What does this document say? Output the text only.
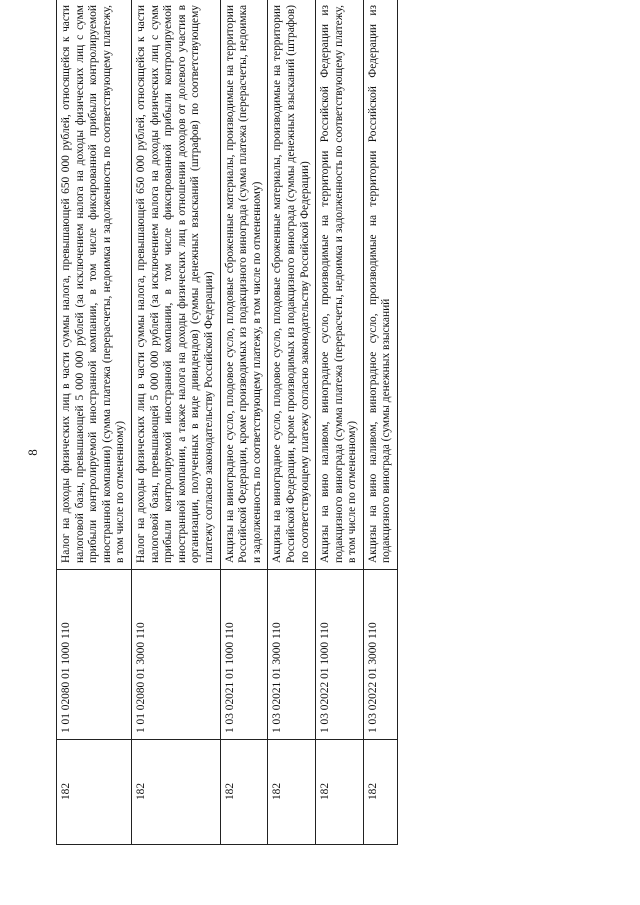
8
182	1 01 02080 01 1000 110	Налог на доходы физических лиц в части суммы налога, превышающей 650 000 рублей, относящейся к части налоговой базы, превышающей 5 000 000 рублей (за исключением налога на доходы физических лиц с сумм прибыли контролируемой иностранной компании, в том числе фиксированной прибыли контролируемой иностранной компании) (сумма платежа (перерасчеты, недоимка и задолженность по соответствующему платежу, в том числе по отмененному)
182	1 01 02080 01 3000 110	Налог на доходы физических лиц в части суммы налога, превышающей 650 000 рублей, относящейся к части налоговой базы, превышающей 5 000 000 рублей (за исключением налога на доходы физических лиц с сумм прибыли контролируемой иностранной компании, в том числе фиксированной прибыли контролируемой иностранной компании, а также налога на доходы физических лиц в отношении доходов от долевого участия в организации, полученных в виде дивидендов) (суммы денежных взысканий (штрафов) по соответствующему платежу согласно законодательству Российской Федерации)
182	1 03 02021 01 1000 110	Акцизы на виноградное сусло, плодовое сусло, плодовые сброженные материалы, производимые на территории Российской Федерации, кроме производимых из подакцизного винограда (сумма платежа (перерасчеты, недоимка и задолженность по соответствующему платежу, в том числе по отмененному)
182	1 03 02021 01 3000 110	Акцизы на виноградное сусло, плодовое сусло, плодовые сброженные материалы, производимые на территории Российской Федерации, кроме производимых из подакцизного винограда (суммы денежных взысканий (штрафов) по соответствующему платежу согласно законодательству Российской Федерации)
182	1 03 02022 01 1000 110	Акцизы на вино наливом, виноградное сусло, производимые на территории Российской Федерации из подакцизного винограда (сумма платежа (перерасчеты, недоимка и задолженность по соответствующему платежу, в том числе по отмененному)
182	1 03 02022 01 3000 110	Акцизы на вино наливом, виноградное сусло, производимые на территории Российской Федерации из подакцизного винограда (суммы денежных взысканий
